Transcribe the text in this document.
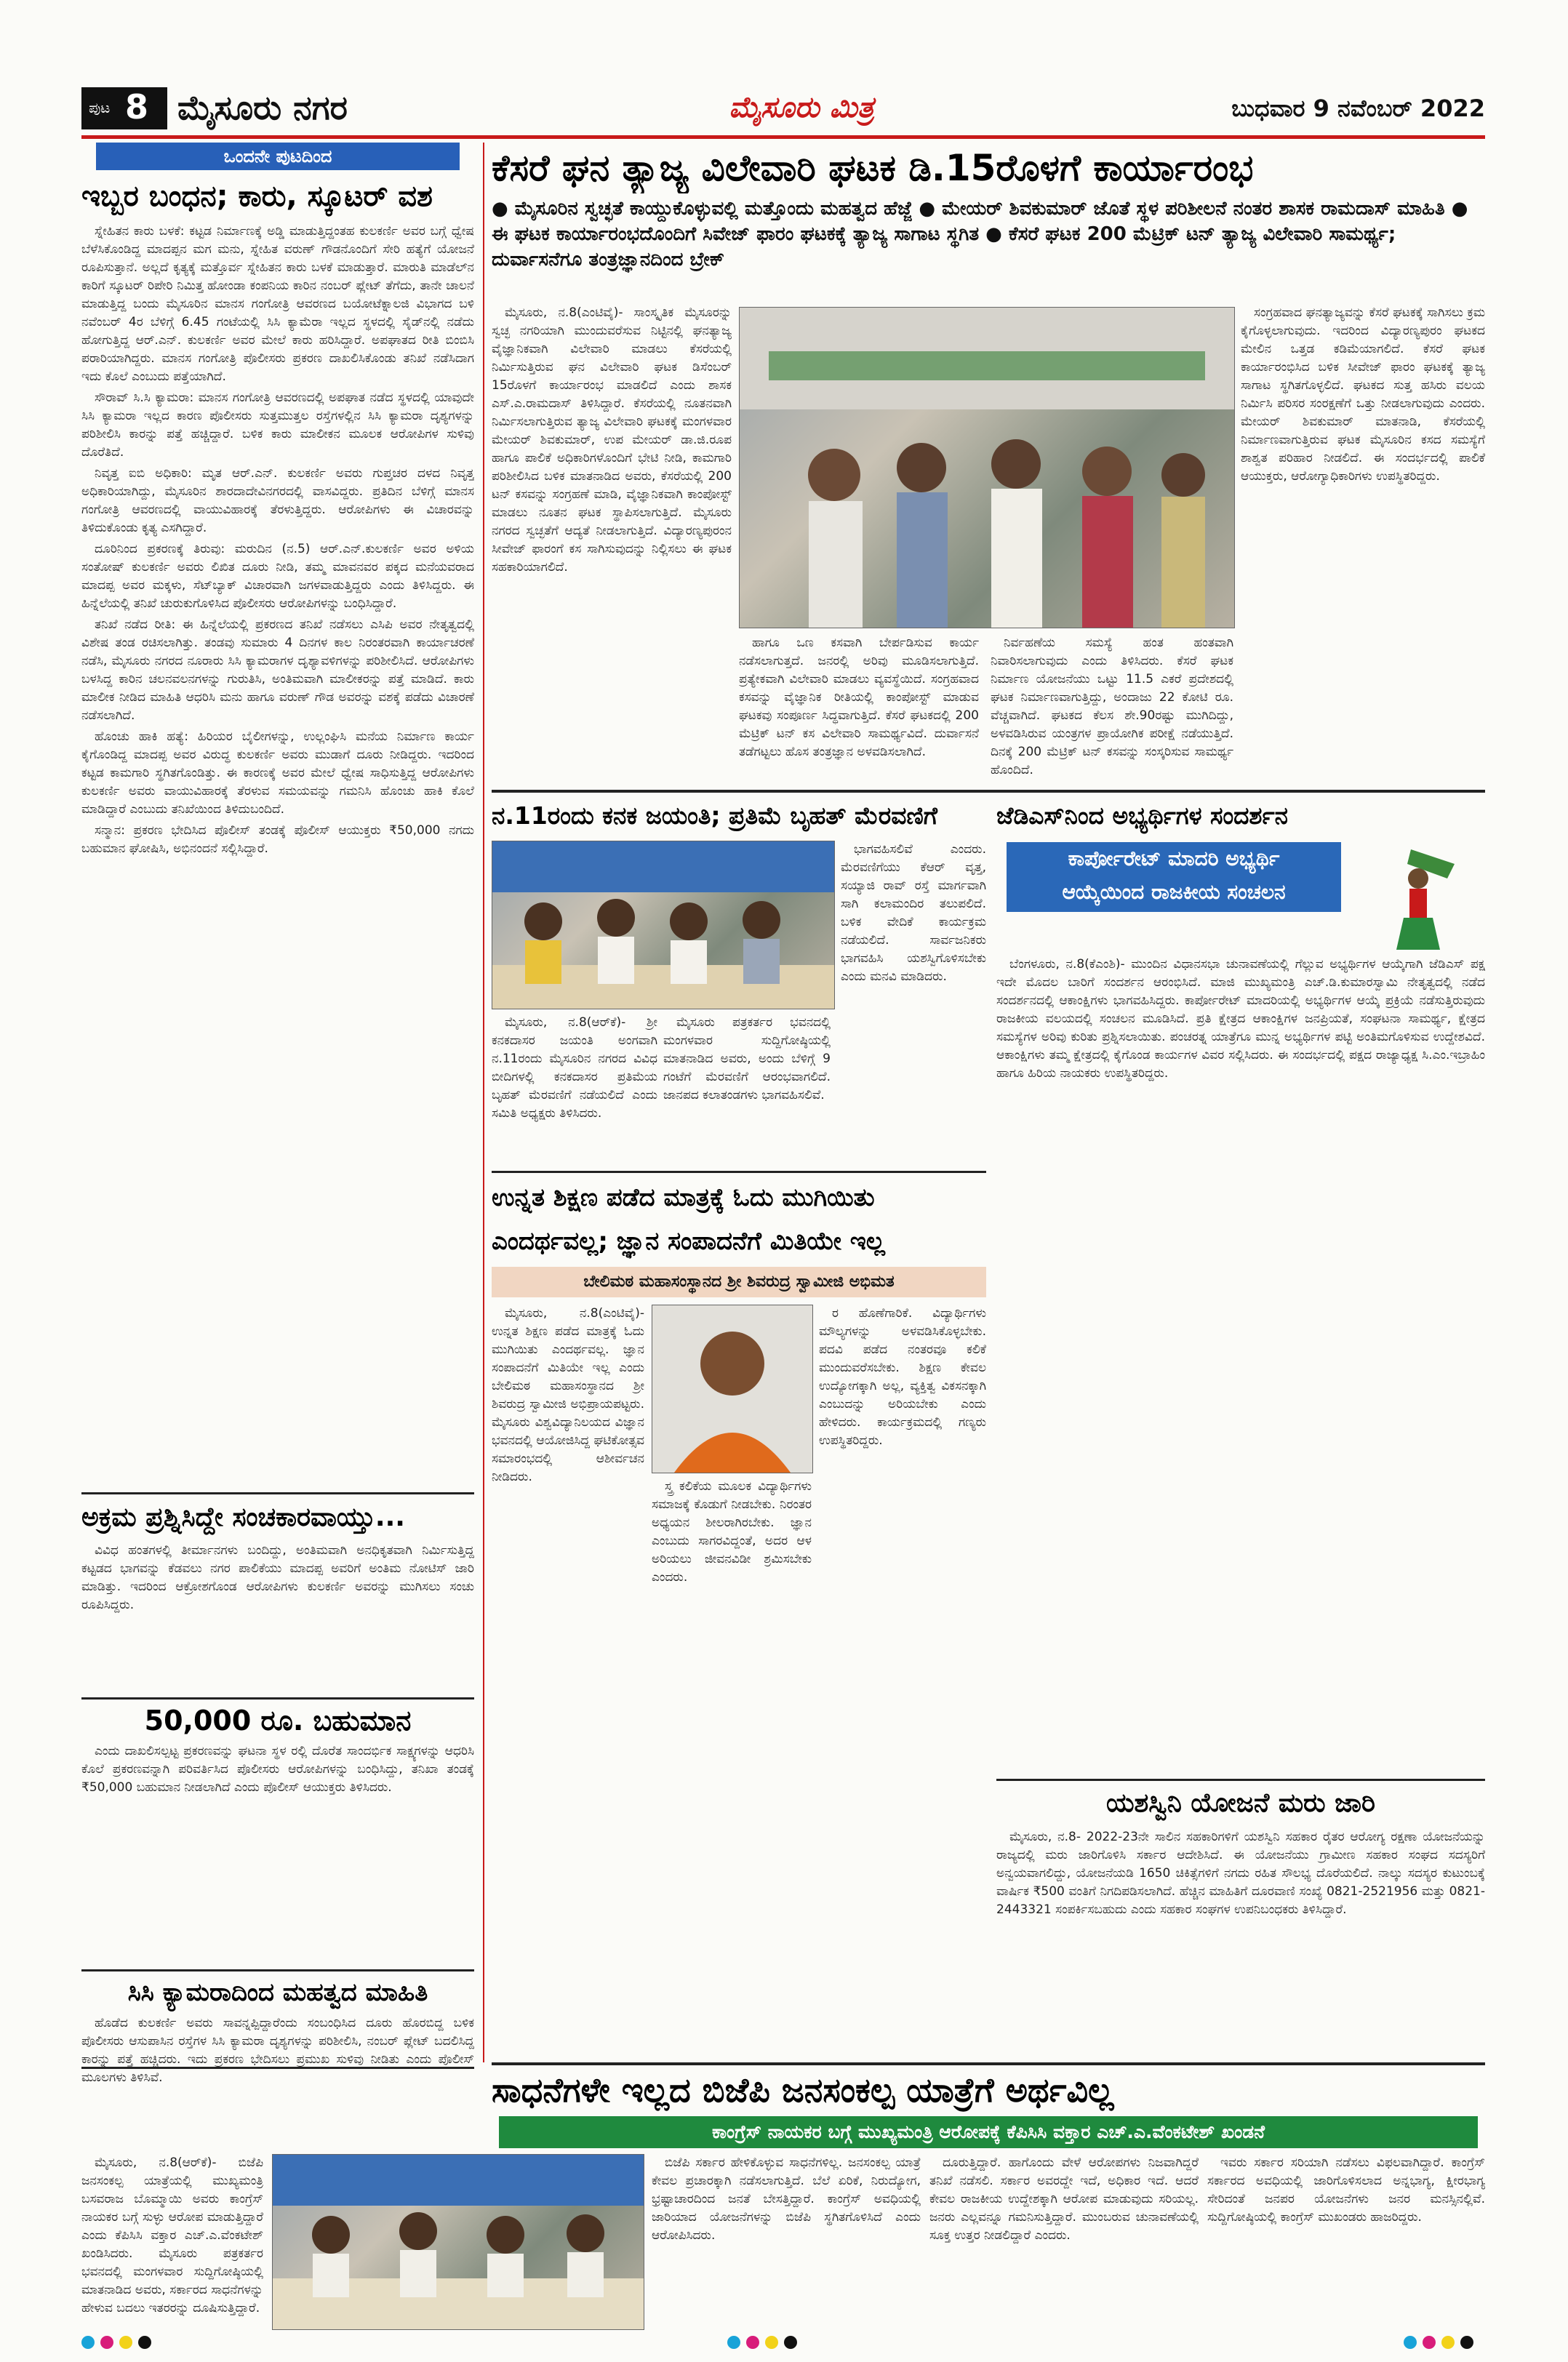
ಪುಟ 8 ಮೈಸೂರು ನಗರ	ಮೈಸೂರು ಮಿತ್ರ	ಬುಧವಾರ 9 ನವೆಂಬರ್ 2022
ಒಂದನೇ ಪುಟದಿಂದ
ಇಬ್ಬರ ಬಂಧನ; ಕಾರು, ಸ್ಕೂಟರ್ ವಶ

ಸ್ನೇಹಿತನ ಕಾರು ಬಳಕೆ: ಕಟ್ಟಡ ನಿರ್ಮಾಣಕ್ಕೆ ಅಡ್ಡಿ ಮಾಡುತ್ತಿದ್ದಂತಹ ಕುಲಕರ್ಣಿ ಅವರ ಬಗ್ಗೆ ಧ್ವೇಷ ಬೆಳೆಸಿಕೊಂಡಿದ್ದ ಮಾದಪ್ಪನ ಮಗ ಮನು, ಸ್ನೇಹಿತ ವರುಣ್ ಗೌಡನೊಂದಿಗೆ ಸೇರಿ ಹತ್ಯೆಗೆ ಯೋಜನೆ ರೂಪಿಸುತ್ತಾನೆ. ಅಲ್ಲದೆ ಕೃತ್ಯಕ್ಕೆ ಮತ್ತೊರ್ವ ಸ್ನೇಹಿತನ ಕಾರು ಬಳಕೆ ಮಾಡುತ್ತಾರೆ. ಮಾರುತಿ ಮಾಡೆಲ್‌ನ ಕಾರಿಗೆ ಸ್ಕೂಟರ್ ರಿಪೇರಿ ನಿಮಿತ್ತ ಹೋಂಡಾ ಕಂಪನಿಯ ಕಾರಿನ ನಂಬರ್ ಪ್ಲೇಟ್ ತೆಗೆದು, ತಾನೇ ಚಾಲನೆ ಮಾಡುತ್ತಿದ್ದ ಬಂದು ಮೈಸೂರಿನ ಮಾನಸ ಗಂಗೋತ್ರಿ ಆವರಣದ ಬಯೋಟೆಕ್ನಾಲಜಿ ವಿಭಾಗದ ಬಳಿ ನವೆಂಬರ್ 4ರ ಬೆಳಿಗ್ಗೆ 6.45 ಗಂಟೆಯಲ್ಲಿ ಸಿಸಿ ಕ್ಯಾಮೆರಾ ಇಲ್ಲದ ಸ್ಥಳದಲ್ಲಿ ಸೈಡ್‌ನಲ್ಲಿ ನಡೆದು ಹೋಗುತ್ತಿದ್ದ ಆರ್.ಎನ್. ಕುಲಕರ್ಣಿ ಅವರ ಮೇಲೆ ಕಾರು ಹರಿಸಿದ್ದಾರೆ. ಅಪಘಾತದ ರೀತಿ ಬಿಂಬಿಸಿ ಪರಾರಿಯಾಗಿದ್ದರು. ಮಾನಸ ಗಂಗೋತ್ರಿ ಪೊಲೀಸರು ಪ್ರಕರಣ ದಾಖಲಿಸಿಕೊಂಡು ತನಿಖೆ ನಡೆಸಿದಾಗ ಇದು ಕೊಲೆ ಎಂಬುದು ಪತ್ತೆಯಾಗಿದೆ.

ಸೌರಾವ್ ಸಿ.ಸಿ ಕ್ಯಾಮರಾ: ಮಾನಸ ಗಂಗೋತ್ರಿ ಆವರಣದಲ್ಲಿ ಅಪಘಾತ ನಡೆದ ಸ್ಥಳದಲ್ಲಿ ಯಾವುದೇ ಸಿಸಿ ಕ್ಯಾಮರಾ ಇಲ್ಲದ ಕಾರಣ ಪೊಲೀಸರು ಸುತ್ತಮುತ್ತಲ ರಸ್ತೆಗಳಲ್ಲಿನ ಸಿಸಿ ಕ್ಯಾಮರಾ ದೃಶ್ಯಗಳನ್ನು ಪರಿಶೀಲಿಸಿ ಕಾರನ್ನು ಪತ್ತೆ ಹಚ್ಚಿದ್ದಾರೆ. ಬಳಿಕ ಕಾರು ಮಾಲೀಕನ ಮೂಲಕ ಆರೋಪಿಗಳ ಸುಳಿವು ದೊರೆತಿದೆ.

ನಿವೃತ್ತ ಐಬಿ ಅಧಿಕಾರಿ: ಮೃತ ಆರ್.ಎನ್. ಕುಲಕರ್ಣಿ ಅವರು ಗುಪ್ತಚರ ದಳದ ನಿವೃತ್ತ ಅಧಿಕಾರಿಯಾಗಿದ್ದು, ಮೈಸೂರಿನ ಶಾರದಾದೇವಿನಗರದಲ್ಲಿ ವಾಸವಿದ್ದರು. ಪ್ರತಿದಿನ ಬೆಳಿಗ್ಗೆ ಮಾನಸ ಗಂಗೋತ್ರಿ ಆವರಣದಲ್ಲಿ ವಾಯುವಿಹಾರಕ್ಕೆ ತೆರಳುತ್ತಿದ್ದರು. ಆರೋಪಿಗಳು ಈ ವಿಚಾರವನ್ನು ತಿಳಿದುಕೊಂಡು ಕೃತ್ಯ ಎಸಗಿದ್ದಾರೆ.

ದೂರಿನಿಂದ ಪ್ರಕರಣಕ್ಕೆ ತಿರುವು: ಮರುದಿನ (ನ.5) ಆರ್.ಎನ್.ಕುಲಕರ್ಣಿ ಅವರ ಅಳಿಯ ಸಂತೋಷ್ ಕುಲಕರ್ಣಿ ಅವರು ಲಿಖಿತ ದೂರು ನೀಡಿ, ತಮ್ಮ ಮಾವನವರ ಪಕ್ಕದ ಮನೆಯವರಾದ ಮಾದಪ್ಪ ಅವರ ಮಕ್ಕಳು, ಸೆಟ್‌ಬ್ಯಾಕ್ ವಿಚಾರವಾಗಿ ಜಗಳವಾಡುತ್ತಿದ್ದರು ಎಂದು ತಿಳಿಸಿದ್ದರು. ಈ ಹಿನ್ನೆಲೆಯಲ್ಲಿ ತನಿಖೆ ಚುರುಕುಗೊಳಿಸಿದ ಪೊಲೀಸರು ಆರೋಪಿಗಳನ್ನು ಬಂಧಿಸಿದ್ದಾರೆ.

ತನಿಖೆ ನಡೆದ ರೀತಿ: ಈ ಹಿನ್ನೆಲೆಯಲ್ಲಿ ಪ್ರಕರಣದ ತನಿಖೆ ನಡೆಸಲು ಎಸಿಪಿ ಅವರ ನೇತೃತ್ವದಲ್ಲಿ ವಿಶೇಷ ತಂಡ ರಚಿಸಲಾಗಿತ್ತು. ತಂಡವು ಸುಮಾರು 4 ದಿನಗಳ ಕಾಲ ನಿರಂತರವಾಗಿ ಕಾರ್ಯಾಚರಣೆ ನಡೆಸಿ, ಮೈಸೂರು ನಗರದ ನೂರಾರು ಸಿಸಿ ಕ್ಯಾಮರಾಗಳ ದೃಶ್ಯಾವಳಿಗಳನ್ನು ಪರಿಶೀಲಿಸಿದೆ. ಆರೋಪಿಗಳು ಬಳಸಿದ್ದ ಕಾರಿನ ಚಲನವಲನಗಳನ್ನು ಗುರುತಿಸಿ, ಅಂತಿಮವಾಗಿ ಮಾಲೀಕರನ್ನು ಪತ್ತೆ ಮಾಡಿದೆ. ಕಾರು ಮಾಲೀಕ ನೀಡಿದ ಮಾಹಿತಿ ಆಧರಿಸಿ ಮನು ಹಾಗೂ ವರುಣ್ ಗೌಡ ಅವರನ್ನು ವಶಕ್ಕೆ ಪಡೆದು ವಿಚಾರಣೆ ನಡೆಸಲಾಗಿದೆ.

ಹೊಂಚು ಹಾಕಿ ಹತ್ಯೆ: ಹಿರಿಯರ ಬೈಲೀಗಳನ್ನು, ಉಲ್ಲಂಘಿಸಿ ಮನೆಯ ನಿರ್ಮಾಣ ಕಾರ್ಯ ಕೈಗೊಂಡಿದ್ದ ಮಾದಪ್ಪ ಅವರ ವಿರುದ್ಧ ಕುಲಕರ್ಣಿ ಅವರು ಮುಡಾಗೆ ದೂರು ನೀಡಿದ್ದರು. ಇದರಿಂದ ಕಟ್ಟಡ ಕಾಮಗಾರಿ ಸ್ಥಗಿತಗೊಂಡಿತ್ತು. ಈ ಕಾರಣಕ್ಕೆ ಅವರ ಮೇಲೆ ಧ್ವೇಷ ಸಾಧಿಸುತ್ತಿದ್ದ ಆರೋಪಿಗಳು ಕುಲಕರ್ಣಿ ಅವರು ವಾಯುವಿಹಾರಕ್ಕೆ ತೆರಳುವ ಸಮಯವನ್ನು ಗಮನಿಸಿ ಹೊಂಚು ಹಾಕಿ ಕೊಲೆ ಮಾಡಿದ್ದಾರೆ ಎಂಬುದು ತನಿಖೆಯಿಂದ ತಿಳಿದುಬಂದಿದೆ.

ಸನ್ಮಾನ: ಪ್ರಕರಣ ಭೇದಿಸಿದ ಪೊಲೀಸ್ ತಂಡಕ್ಕೆ ಪೊಲೀಸ್ ಆಯುಕ್ತರು ₹50,000 ನಗದು ಬಹುಮಾನ ಘೋಷಿಸಿ, ಅಭಿನಂದನೆ ಸಲ್ಲಿಸಿದ್ದಾರೆ.

ಅಕ್ರಮ ಪ್ರಶ್ನಿಸಿದ್ದೇ ಸಂಚಕಾರವಾಯ್ತು...

ವಿವಿಧ ಹಂತಗಳಲ್ಲಿ ತೀರ್ಮಾನಗಳು ಬಂದಿದ್ದು, ಅಂತಿಮವಾಗಿ ಅನಧಿಕೃತವಾಗಿ ನಿರ್ಮಿಸುತ್ತಿದ್ದ ಕಟ್ಟಡದ ಭಾಗವನ್ನು ಕೆಡವಲು ನಗರ ಪಾಲಿಕೆಯು ಮಾದಪ್ಪ ಅವರಿಗೆ ಅಂತಿಮ ನೋಟಿಸ್ ಜಾರಿ ಮಾಡಿತ್ತು. ಇದರಿಂದ ಆಕ್ರೋಶಗೊಂಡ ಆರೋಪಿಗಳು ಕುಲಕರ್ಣಿ ಅವರನ್ನು ಮುಗಿಸಲು ಸಂಚು ರೂಪಿಸಿದ್ದರು.

50,000 ರೂ. ಬಹುಮಾನ

ಎಂದು ದಾಖಲಿಸಲ್ಪಟ್ಟ ಪ್ರಕರಣವನ್ನು ಘಟನಾ ಸ್ಥಳ ರಲ್ಲಿ ದೊರೆತ ಸಾಂದರ್ಭಿಕ ಸಾಕ್ಷ್ಯಗಳನ್ನು ಆಧರಿಸಿ ಕೊಲೆ ಪ್ರಕರಣವನ್ನಾಗಿ ಪರಿವರ್ತಿಸಿದ ಪೊಲೀಸರು ಆರೋಪಿಗಳನ್ನು ಬಂಧಿಸಿದ್ದು, ತನಿಖಾ ತಂಡಕ್ಕೆ ₹50,000 ಬಹುಮಾನ ನೀಡಲಾಗಿದೆ ಎಂದು ಪೊಲೀಸ್ ಆಯುಕ್ತರು ತಿಳಿಸಿದರು.

ಸಿಸಿ ಕ್ಯಾಮರಾದಿಂದ ಮಹತ್ವದ ಮಾಹಿತಿ

ಹೊಡೆದ ಕುಲಕರ್ಣಿ ಅವರು ಸಾವನ್ನಪ್ಪಿದ್ದಾರೆಂದು ಸಂಬಂಧಿಸಿದ ದೂರು ಹೊರಬಿದ್ದ ಬಳಿಕ ಪೊಲೀಸರು ಆಸುಪಾಸಿನ ರಸ್ತೆಗಳ ಸಿಸಿ ಕ್ಯಾಮರಾ ದೃಶ್ಯಗಳನ್ನು ಪರಿಶೀಲಿಸಿ, ನಂಬರ್ ಪ್ಲೇಟ್ ಬದಲಿಸಿದ್ದ ಕಾರನ್ನು ಪತ್ತೆ ಹಚ್ಚಿದರು. ಇದು ಪ್ರಕರಣ ಭೇದಿಸಲು ಪ್ರಮುಖ ಸುಳಿವು ನೀಡಿತು ಎಂದು ಪೊಲೀಸ್ ಮೂಲಗಳು ತಿಳಿಸಿವೆ.

ಕೆಸರೆ ಘನ ತ್ಯಾಜ್ಯ ವಿಲೇವಾರಿ ಘಟಕ ಡಿ.15ರೊಳಗೆ ಕಾರ್ಯಾರಂಭ
● ಮೈಸೂರಿನ ಸ್ವಚ್ಛತೆ ಕಾಯ್ದುಕೊಳ್ಳುವಲ್ಲಿ ಮತ್ತೊಂದು ಮಹತ್ವದ ಹೆಜ್ಜೆ ● ಮೇಯರ್ ಶಿವಕುಮಾರ್ ಜೊತೆ ಸ್ಥಳ ಪರಿಶೀಲನೆ ನಂತರ ಶಾಸಕ ರಾಮದಾಸ್ ಮಾಹಿತಿ ● ಈ ಘಟಕ ಕಾರ್ಯಾರಂಭದೊಂದಿಗೆ ಸಿವೇಜ್ ಫಾರಂ ಘಟಕಕ್ಕೆ ತ್ಯಾಜ್ಯ ಸಾಗಾಟ ಸ್ಥಗಿತ ● ಕೆಸರೆ ಘಟಕ 200 ಮೆಟ್ರಿಕ್ ಟನ್ ತ್ಯಾಜ್ಯ ವಿಲೇವಾರಿ ಸಾಮರ್ಥ್ಯ; ದುರ್ವಾಸನೆಗೂ ತಂತ್ರಜ್ಞಾನದಿಂದ ಬ್ರೇಕ್

ಮೈಸೂರು, ನ.8(ಎಂಟಿವೈ)- ಸಾಂಸ್ಕೃತಿಕ ಮೈಸೂರನ್ನು ಸ್ವಚ್ಛ ನಗರಿಯಾಗಿ ಮುಂದುವರೆಸುವ ನಿಟ್ಟಿನಲ್ಲಿ ಘನತ್ಯಾಜ್ಯ ವೈಜ್ಞಾನಿಕವಾಗಿ ವಿಲೇವಾರಿ ಮಾಡಲು ಕೆಸರೆಯಲ್ಲಿ ನಿರ್ಮಿಸುತ್ತಿರುವ ಘನ ವಿಲೇವಾರಿ ಘಟಕ ಡಿಸೆಂಬರ್ 15ರೊಳಗೆ ಕಾರ್ಯಾರಂಭ ಮಾಡಲಿದೆ ಎಂದು ಶಾಸಕ ಎಸ್.ಎ.ರಾಮದಾಸ್ ತಿಳಿಸಿದ್ದಾರೆ. ಕೆಸರೆಯಲ್ಲಿ ನೂತನವಾಗಿ ನಿರ್ಮಿಸಲಾಗುತ್ತಿರುವ ತ್ಯಾಜ್ಯ ವಿಲೇವಾರಿ ಘಟಕಕ್ಕೆ ಮಂಗಳವಾರ ಮೇಯರ್ ಶಿವಕುಮಾರ್, ಉಪ ಮೇಯರ್ ಡಾ.ಜಿ.ರೂಪ ಹಾಗೂ ಪಾಲಿಕೆ ಅಧಿಕಾರಿಗಳೊಂದಿಗೆ ಭೇಟಿ ನೀಡಿ, ಕಾಮಗಾರಿ ಪರಿಶೀಲಿಸಿದ ಬಳಿಕ ಮಾತನಾಡಿದ ಅವರು, ಕೆಸರೆಯಲ್ಲಿ 200 ಟನ್ ಕಸವನ್ನು ಸಂಗ್ರಹಣೆ ಮಾಡಿ, ವೈಜ್ಞಾನಿಕವಾಗಿ ಕಾಂಪೋಸ್ಟ್ ಮಾಡಲು ನೂತನ ಘಟಕ ಸ್ಥಾಪಿಸಲಾಗುತ್ತಿದೆ. ಮೈಸೂರು ನಗರದ ಸ್ವಚ್ಛತೆಗೆ ಆದ್ಯತೆ ನೀಡಲಾಗುತ್ತಿದೆ. ವಿದ್ಯಾರಣ್ಯಪುರಂನ ಸೀವೇಜ್ ಫಾರಂಗೆ ಕಸ ಸಾಗಿಸುವುದನ್ನು ನಿಲ್ಲಿಸಲು ಈ ಘಟಕ ಸಹಕಾರಿಯಾಗಲಿದೆ.

ಹಾಗೂ ಒಣ ಕಸವಾಗಿ ಬೇರ್ಪಡಿಸುವ ಕಾರ್ಯ ನಡೆಸಲಾಗುತ್ತದೆ. ಜನರಲ್ಲಿ ಅರಿವು ಮೂಡಿಸಲಾಗುತ್ತಿದೆ. ಪ್ರತ್ಯೇಕವಾಗಿ ವಿಲೇವಾರಿ ಮಾಡಲು ವ್ಯವಸ್ಥೆಯಿದೆ. ಸಂಗ್ರಹವಾದ ಕಸವನ್ನು ವೈಜ್ಞಾನಿಕ ರೀತಿಯಲ್ಲಿ ಕಾಂಪೋಸ್ಟ್ ಮಾಡುವ ಘಟಕವು ಸಂಪೂರ್ಣ ಸಿದ್ಧವಾಗುತ್ತಿದೆ. ಕೆಸರೆ ಘಟಕದಲ್ಲಿ 200 ಮೆಟ್ರಿಕ್ ಟನ್ ಕಸ ವಿಲೇವಾರಿ ಸಾಮರ್ಥ್ಯವಿದೆ. ದುರ್ವಾಸನೆ ತಡೆಗಟ್ಟಲು ಹೊಸ ತಂತ್ರಜ್ಞಾನ ಅಳವಡಿಸಲಾಗಿದೆ.

ನಿರ್ವಹಣೆಯ ಸಮಸ್ಯೆ ಹಂತ ಹಂತವಾಗಿ ನಿವಾರಿಸಲಾಗುವುದು ಎಂದು ತಿಳಿಸಿದರು. ಕೆಸರೆ ಘಟಕ ನಿರ್ಮಾಣ ಯೋಜನೆಯು ಒಟ್ಟು 11.5 ಎಕರೆ ಪ್ರದೇಶದಲ್ಲಿ ಘಟಕ ನಿರ್ಮಾಣವಾಗುತ್ತಿದ್ದು, ಅಂದಾಜು 22 ಕೋಟಿ ರೂ. ವೆಚ್ಚವಾಗಿದೆ. ಘಟಕದ ಕೆಲಸ ಶೇ.90ರಷ್ಟು ಮುಗಿದಿದ್ದು, ಅಳವಡಿಸಿರುವ ಯಂತ್ರಗಳ ಪ್ರಾಯೋಗಿಕ ಪರೀಕ್ಷೆ ನಡೆಯುತ್ತಿದೆ. ದಿನಕ್ಕೆ 200 ಮೆಟ್ರಿಕ್ ಟನ್ ಕಸವನ್ನು ಸಂಸ್ಕರಿಸುವ ಸಾಮರ್ಥ್ಯ ಹೊಂದಿದೆ.

ಸಂಗ್ರಹವಾದ ಘನತ್ಯಾಜ್ಯವನ್ನು ಕೆಸರೆ ಘಟಕಕ್ಕೆ ಸಾಗಿಸಲು ಕ್ರಮ ಕೈಗೊಳ್ಳಲಾಗುವುದು. ಇದರಿಂದ ವಿದ್ಯಾರಣ್ಯಪುರಂ ಘಟಕದ ಮೇಲಿನ ಒತ್ತಡ ಕಡಿಮೆಯಾಗಲಿದೆ. ಕೆಸರೆ ಘಟಕ ಕಾರ್ಯಾರಂಭಿಸಿದ ಬಳಿಕ ಸೀವೇಜ್ ಫಾರಂ ಘಟಕಕ್ಕೆ ತ್ಯಾಜ್ಯ ಸಾಗಾಟ ಸ್ಥಗಿತಗೊಳ್ಳಲಿದೆ. ಘಟಕದ ಸುತ್ತ ಹಸಿರು ವಲಯ ನಿರ್ಮಿಸಿ ಪರಿಸರ ಸಂರಕ್ಷಣೆಗೆ ಒತ್ತು ನೀಡಲಾಗುವುದು ಎಂದರು. ಮೇಯರ್ ಶಿವಕುಮಾರ್ ಮಾತನಾಡಿ, ಕೆಸರೆಯಲ್ಲಿ ನಿರ್ಮಾಣವಾಗುತ್ತಿರುವ ಘಟಕ ಮೈಸೂರಿನ ಕಸದ ಸಮಸ್ಯೆಗೆ ಶಾಶ್ವತ ಪರಿಹಾರ ನೀಡಲಿದೆ. ಈ ಸಂದರ್ಭದಲ್ಲಿ ಪಾಲಿಕೆ ಆಯುಕ್ತರು, ಆರೋಗ್ಯಾಧಿಕಾರಿಗಳು ಉಪಸ್ಥಿತರಿದ್ದರು.

ನ.11ರಂದು ಕನಕ ಜಯಂತಿ; ಪ್ರತಿಮೆ ಬೃಹತ್ ಮೆರವಣಿಗೆ

ಭಾಗವಹಿಸಲಿವೆ ಎಂದರು. ಮೆರವಣಿಗೆಯು ಕೆಆರ್ ವೃತ್ತ, ಸಯ್ಯಾಜಿ ರಾವ್ ರಸ್ತೆ ಮಾರ್ಗವಾಗಿ ಸಾಗಿ ಕಲಾಮಂದಿರ ತಲುಪಲಿದೆ. ಬಳಿಕ ವೇದಿಕೆ ಕಾರ್ಯಕ್ರಮ ನಡೆಯಲಿದೆ. ಸಾರ್ವಜನಿಕರು ಭಾಗವಹಿಸಿ ಯಶಸ್ವಿಗೊಳಿಸಬೇಕು ಎಂದು ಮನವಿ ಮಾಡಿದರು.

ಮೈಸೂರು, ನ.8(ಆರ್‌ಕೆ)- ಶ್ರೀ ಕನಕದಾಸರ ಜಯಂತಿ ಅಂಗವಾಗಿ ನ.11ರಂದು ಮೈಸೂರಿನ ನಗರದ ವಿವಿಧ ಬೀದಿಗಳಲ್ಲಿ ಕನಕದಾಸರ ಪ್ರತಿಮೆಯ ಬೃಹತ್ ಮೆರವಣಿಗೆ ನಡೆಯಲಿದೆ ಎಂದು ಸಮಿತಿ ಅಧ್ಯಕ್ಷರು ತಿಳಿಸಿದರು.

ಮೈಸೂರು ಪತ್ರಕರ್ತರ ಭವನದಲ್ಲಿ ಮಂಗಳವಾರ ಸುದ್ದಿಗೋಷ್ಠಿಯಲ್ಲಿ ಮಾತನಾಡಿದ ಅವರು, ಅಂದು ಬೆಳಿಗ್ಗೆ 9 ಗಂಟೆಗೆ ಮೆರವಣಿಗೆ ಆರಂಭವಾಗಲಿದೆ. ಜಾನಪದ ಕಲಾತಂಡಗಳು ಭಾಗವಹಿಸಲಿವೆ.

ಜೆಡಿಎಸ್‌ನಿಂದ ಅಭ್ಯರ್ಥಿಗಳ ಸಂದರ್ಶನ
ಕಾರ್ಪೋರೇಟ್ ಮಾದರಿ ಅಭ್ಯರ್ಥಿ
ಆಯ್ಕೆಯಿಂದ ರಾಜಕೀಯ ಸಂಚಲನ

ಬೆಂಗಳೂರು, ನ.8(ಕೆಎಂಶಿ)- ಮುಂದಿನ ವಿಧಾನಸಭಾ ಚುನಾವಣೆಯಲ್ಲಿ ಗೆಲ್ಲುವ ಅಭ್ಯರ್ಥಿಗಳ ಆಯ್ಕೆಗಾಗಿ ಜೆಡಿಎಸ್ ಪಕ್ಷ ಇದೇ ಮೊದಲ ಬಾರಿಗೆ ಸಂದರ್ಶನ ಆರಂಭಿಸಿದೆ. ಮಾಜಿ ಮುಖ್ಯಮಂತ್ರಿ ಎಚ್.ಡಿ.ಕುಮಾರಸ್ವಾಮಿ ನೇತೃತ್ವದಲ್ಲಿ ನಡೆದ ಸಂದರ್ಶನದಲ್ಲಿ ಆಕಾಂಕ್ಷಿಗಳು ಭಾಗವಹಿಸಿದ್ದರು. ಕಾರ್ಪೋರೇಟ್ ಮಾದರಿಯಲ್ಲಿ ಅಭ್ಯರ್ಥಿಗಳ ಆಯ್ಕೆ ಪ್ರಕ್ರಿಯೆ ನಡೆಸುತ್ತಿರುವುದು ರಾಜಕೀಯ ವಲಯದಲ್ಲಿ ಸಂಚಲನ ಮೂಡಿಸಿದೆ. ಪ್ರತಿ ಕ್ಷೇತ್ರದ ಆಕಾಂಕ್ಷಿಗಳ ಜನಪ್ರಿಯತೆ, ಸಂಘಟನಾ ಸಾಮರ್ಥ್ಯ, ಕ್ಷೇತ್ರದ ಸಮಸ್ಯೆಗಳ ಅರಿವು ಕುರಿತು ಪ್ರಶ್ನಿಸಲಾಯಿತು. ಪಂಚರತ್ನ ಯಾತ್ರೆಗೂ ಮುನ್ನ ಅಭ್ಯರ್ಥಿಗಳ ಪಟ್ಟಿ ಅಂತಿಮಗೊಳಿಸುವ ಉದ್ದೇಶವಿದೆ. ಆಕಾಂಕ್ಷಿಗಳು ತಮ್ಮ ಕ್ಷೇತ್ರದಲ್ಲಿ ಕೈಗೊಂಡ ಕಾರ್ಯಗಳ ವಿವರ ಸಲ್ಲಿಸಿದರು. ಈ ಸಂದರ್ಭದಲ್ಲಿ ಪಕ್ಷದ ರಾಜ್ಯಾಧ್ಯಕ್ಷ ಸಿ.ಎಂ.ಇಬ್ರಾಹಿಂ ಹಾಗೂ ಹಿರಿಯ ನಾಯಕರು ಉಪಸ್ಥಿತರಿದ್ದರು.

ಉನ್ನತ ಶಿಕ್ಷಣ ಪಡೆದ ಮಾತ್ರಕ್ಕೆ ಓದು ಮುಗಿಯಿತು
ಎಂದರ್ಥವಲ್ಲ; ಜ್ಞಾನ ಸಂಪಾದನೆಗೆ ಮಿತಿಯೇ ಇಲ್ಲ
ಬೇಲಿಮಠ ಮಹಾಸಂಸ್ಥಾನದ ಶ್ರೀ ಶಿವರುದ್ರ ಸ್ವಾಮೀಜಿ ಅಭಿಮತ

ಮೈಸೂರು, ನ.8(ಎಂಟಿವೈ)- ಉನ್ನತ ಶಿಕ್ಷಣ ಪಡೆದ ಮಾತ್ರಕ್ಕೆ ಓದು ಮುಗಿಯಿತು ಎಂದರ್ಥವಲ್ಲ. ಜ್ಞಾನ ಸಂಪಾದನೆಗೆ ಮಿತಿಯೇ ಇಲ್ಲ ಎಂದು ಬೇಲಿಮಠ ಮಹಾಸಂಸ್ಥಾನದ ಶ್ರೀ ಶಿವರುದ್ರ ಸ್ವಾಮೀಜಿ ಅಭಿಪ್ರಾಯಪಟ್ಟರು. ಮೈಸೂರು ವಿಶ್ವವಿದ್ಯಾನಿಲಯದ ವಿಜ್ಞಾನ ಭವನದಲ್ಲಿ ಆಯೋಜಿಸಿದ್ದ ಘಟಿಕೋತ್ಸವ ಸಮಾರಂಭದಲ್ಲಿ ಆಶೀರ್ವಚನ ನೀಡಿದರು.

ಸ್ತ್ರ ಕಲಿಕೆಯ ಮೂಲಕ ವಿದ್ಯಾರ್ಥಿಗಳು ಸಮಾಜಕ್ಕೆ ಕೊಡುಗೆ ನೀಡಬೇಕು. ನಿರಂತರ ಅಧ್ಯಯನ ಶೀಲರಾಗಿರಬೇಕು. ಜ್ಞಾನ ಎಂಬುದು ಸಾಗರವಿದ್ದಂತೆ, ಅದರ ಆಳ ಅರಿಯಲು ಜೀವನವಿಡೀ ಶ್ರಮಿಸಬೇಕು ಎಂದರು.

ರ ಹೊಣೆಗಾರಿಕೆ. ವಿದ್ಯಾರ್ಥಿಗಳು ಮೌಲ್ಯಗಳನ್ನು ಅಳವಡಿಸಿಕೊಳ್ಳಬೇಕು. ಪದವಿ ಪಡೆದ ನಂತರವೂ ಕಲಿಕೆ ಮುಂದುವರೆಸಬೇಕು. ಶಿಕ್ಷಣ ಕೇವಲ ಉದ್ಯೋಗಕ್ಕಾಗಿ ಅಲ್ಲ, ವ್ಯಕ್ತಿತ್ವ ವಿಕಸನಕ್ಕಾಗಿ ಎಂಬುದನ್ನು ಅರಿಯಬೇಕು ಎಂದು ಹೇಳಿದರು. ಕಾರ್ಯಕ್ರಮದಲ್ಲಿ ಗಣ್ಯರು ಉಪಸ್ಥಿತರಿದ್ದರು.

ಯಶಸ್ವಿನಿ ಯೋಜನೆ ಮರು ಜಾರಿ

ಮೈಸೂರು, ನ.8- 2022-23ನೇ ಸಾಲಿನ ಸಹಕಾರಿಗಳಿಗೆ ಯಶಸ್ವಿನಿ ಸಹಕಾರ ರೈತರ ಆರೋಗ್ಯ ರಕ್ಷಣಾ ಯೋಜನೆಯನ್ನು ರಾಜ್ಯದಲ್ಲಿ ಮರು ಜಾರಿಗೊಳಿಸಿ ಸರ್ಕಾರ ಆದೇಶಿಸಿದೆ. ಈ ಯೋಜನೆಯು ಗ್ರಾಮೀಣ ಸಹಕಾರ ಸಂಘದ ಸದಸ್ಯರಿಗೆ ಅನ್ವಯವಾಗಲಿದ್ದು, ಯೋಜನೆಯಡಿ 1650 ಚಿಕಿತ್ಸೆಗಳಿಗೆ ನಗದು ರಹಿತ ಸೌಲಭ್ಯ ದೊರೆಯಲಿದೆ. ನಾಲ್ಕು ಸದಸ್ಯರ ಕುಟುಂಬಕ್ಕೆ ವಾರ್ಷಿಕ ₹500 ವಂತಿಗೆ ನಿಗದಿಪಡಿಸಲಾಗಿದೆ. ಹೆಚ್ಚಿನ ಮಾಹಿತಿಗೆ ದೂರವಾಣಿ ಸಂಖ್ಯೆ 0821-2521956 ಮತ್ತು 0821-2443321 ಸಂಪರ್ಕಿಸಬಹುದು ಎಂದು ಸಹಕಾರ ಸಂಘಗಳ ಉಪನಿಬಂಧಕರು ತಿಳಿಸಿದ್ದಾರೆ.

ಸಾಧನೆಗಳೇ ಇಲ್ಲದ ಬಿಜೆಪಿ ಜನಸಂಕಲ್ಪ ಯಾತ್ರೆಗೆ ಅರ್ಥವಿಲ್ಲ
ಕಾಂಗ್ರೆಸ್ ನಾಯಕರ ಬಗ್ಗೆ ಮುಖ್ಯಮಂತ್ರಿ ಆರೋಪಕ್ಕೆ ಕೆಪಿಸಿಸಿ ವಕ್ತಾರ ಎಚ್.ಎ.ವೆಂಕಟೇಶ್ ಖಂಡನೆ

ಮೈಸೂರು, ನ.8(ಆರ್‌ಕೆ)- ಬಿಜೆಪಿ ಜನಸಂಕಲ್ಪ ಯಾತ್ರೆಯಲ್ಲಿ ಮುಖ್ಯಮಂತ್ರಿ ಬಸವರಾಜ ಬೊಮ್ಮಾಯಿ ಅವರು ಕಾಂಗ್ರೆಸ್ ನಾಯಕರ ಬಗ್ಗೆ ಸುಳ್ಳು ಆರೋಪ ಮಾಡುತ್ತಿದ್ದಾರೆ ಎಂದು ಕೆಪಿಸಿಸಿ ವಕ್ತಾರ ಎಚ್.ಎ.ವೆಂಕಟೇಶ್ ಖಂಡಿಸಿದರು. ಮೈಸೂರು ಪತ್ರಕರ್ತರ ಭವನದಲ್ಲಿ ಮಂಗಳವಾರ ಸುದ್ದಿಗೋಷ್ಠಿಯಲ್ಲಿ ಮಾತನಾಡಿದ ಅವರು, ಸರ್ಕಾರದ ಸಾಧನೆಗಳನ್ನು ಹೇಳುವ ಬದಲು ಇತರರನ್ನು ದೂಷಿಸುತ್ತಿದ್ದಾರೆ.

ಬಿಜೆಪಿ ಸರ್ಕಾರ ಹೇಳಿಕೊಳ್ಳುವ ಸಾಧನೆಗಳಿಲ್ಲ. ಜನಸಂಕಲ್ಪ ಯಾತ್ರೆ ಕೇವಲ ಪ್ರಚಾರಕ್ಕಾಗಿ ನಡೆಸಲಾಗುತ್ತಿದೆ. ಬೆಲೆ ಏರಿಕೆ, ನಿರುದ್ಯೋಗ, ಭ್ರಷ್ಟಾಚಾರದಿಂದ ಜನತೆ ಬೇಸತ್ತಿದ್ದಾರೆ. ಕಾಂಗ್ರೆಸ್ ಅವಧಿಯಲ್ಲಿ ಜಾರಿಯಾದ ಯೋಜನೆಗಳನ್ನು ಬಿಜೆಪಿ ಸ್ಥಗಿತಗೊಳಿಸಿದೆ ಎಂದು ಆರೋಪಿಸಿದರು.

ದೂರುತ್ತಿದ್ದಾರೆ. ಹಾಗೊಂದು ವೇಳೆ ಆರೋಪಗಳು ನಿಜವಾಗಿದ್ದರೆ ತನಿಖೆ ನಡೆಸಲಿ. ಸರ್ಕಾರ ಅವರದ್ದೇ ಇದೆ, ಅಧಿಕಾರ ಇದೆ. ಆದರೆ ಕೇವಲ ರಾಜಕೀಯ ಉದ್ದೇಶಕ್ಕಾಗಿ ಆರೋಪ ಮಾಡುವುದು ಸರಿಯಲ್ಲ. ಜನರು ಎಲ್ಲವನ್ನೂ ಗಮನಿಸುತ್ತಿದ್ದಾರೆ. ಮುಂಬರುವ ಚುನಾವಣೆಯಲ್ಲಿ ಸೂಕ್ತ ಉತ್ತರ ನೀಡಲಿದ್ದಾರೆ ಎಂದರು.

ಇವರು ಸರ್ಕಾರ ಸರಿಯಾಗಿ ನಡೆಸಲು ವಿಫಲವಾಗಿದ್ದಾರೆ. ಕಾಂಗ್ರೆಸ್ ಸರ್ಕಾರದ ಅವಧಿಯಲ್ಲಿ ಜಾರಿಗೊಳಿಸಲಾದ ಅನ್ನಭಾಗ್ಯ, ಕ್ಷೀರಭಾಗ್ಯ ಸೇರಿದಂತೆ ಜನಪರ ಯೋಜನೆಗಳು ಜನರ ಮನಸ್ಸಿನಲ್ಲಿವೆ. ಸುದ್ದಿಗೋಷ್ಠಿಯಲ್ಲಿ ಕಾಂಗ್ರೆಸ್ ಮುಖಂಡರು ಹಾಜರಿದ್ದರು.
